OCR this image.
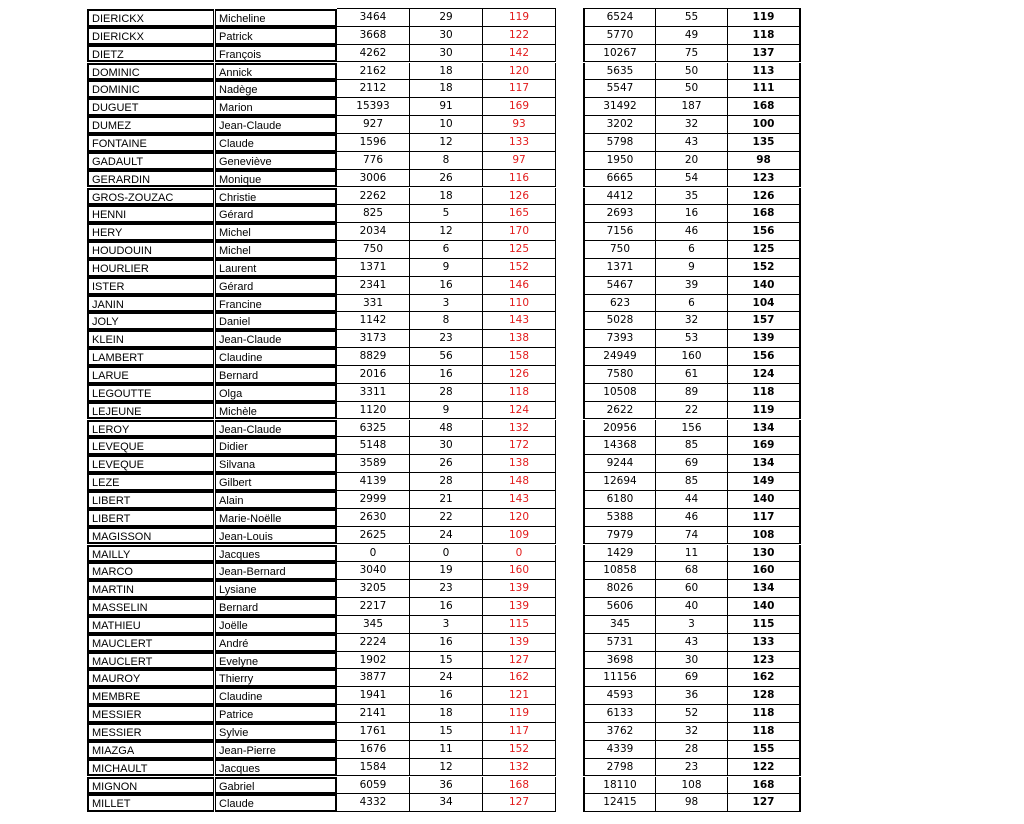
DIERICKX	Micheline	3464	29	119	6524	55	119
DIERICKX	Patrick	3668	30	122	5770	49	118
DIETZ	François	4262	30	142	10267	75	137
DOMINIC	Annick	2162	18	120	5635	50	113
DOMINIC	Nadège	2112	18	117	5547	50	111
DUGUET	Marion	15393	91	169	31492	187	168
DUMEZ	Jean-Claude	927	10	93	3202	32	100
FONTAINE	Claude	1596	12	133	5798	43	135
GADAULT	Geneviève	776	8	97	1950	20	98
GERARDIN	Monique	3006	26	116	6665	54	123
GROS-ZOUZAC	Christie	2262	18	126	4412	35	126
HENNI	Gérard	825	5	165	2693	16	168
HERY	Michel	2034	12	170	7156	46	156
HOUDOUIN	Michel	750	6	125	750	6	125
HOURLIER	Laurent	1371	9	152	1371	9	152
ISTER	Gérard	2341	16	146	5467	39	140
JANIN	Francine	331	3	110	623	6	104
JOLY	Daniel	1142	8	143	5028	32	157
KLEIN	Jean-Claude	3173	23	138	7393	53	139
LAMBERT	Claudine	8829	56	158	24949	160	156
LARUE	Bernard	2016	16	126	7580	61	124
LEGOUTTE	Olga	3311	28	118	10508	89	118
LEJEUNE	Michèle	1120	9	124	2622	22	119
LEROY	Jean-Claude	6325	48	132	20956	156	134
LEVEQUE	Didier	5148	30	172	14368	85	169
LEVEQUE	Silvana	3589	26	138	9244	69	134
LEZE	Gilbert	4139	28	148	12694	85	149
LIBERT	Alain	2999	21	143	6180	44	140
LIBERT	Marie-Noëlle	2630	22	120	5388	46	117
MAGISSON	Jean-Louis	2625	24	109	7979	74	108
MAILLY	Jacques	0	0	0	1429	11	130
MARCO	Jean-Bernard	3040	19	160	10858	68	160
MARTIN	Lysiane	3205	23	139	8026	60	134
MASSELIN	Bernard	2217	16	139	5606	40	140
MATHIEU	Joëlle	345	3	115	345	3	115
MAUCLERT	André	2224	16	139	5731	43	133
MAUCLERT	Evelyne	1902	15	127	3698	30	123
MAUROY	Thierry	3877	24	162	11156	69	162
MEMBRE	Claudine	1941	16	121	4593	36	128
MESSIER	Patrice	2141	18	119	6133	52	118
MESSIER	Sylvie	1761	15	117	3762	32	118
MIAZGA	Jean-Pierre	1676	11	152	4339	28	155
MICHAULT	Jacques	1584	12	132	2798	23	122
MIGNON	Gabriel	6059	36	168	18110	108	168
MILLET	Claude	4332	34	127	12415	98	127
